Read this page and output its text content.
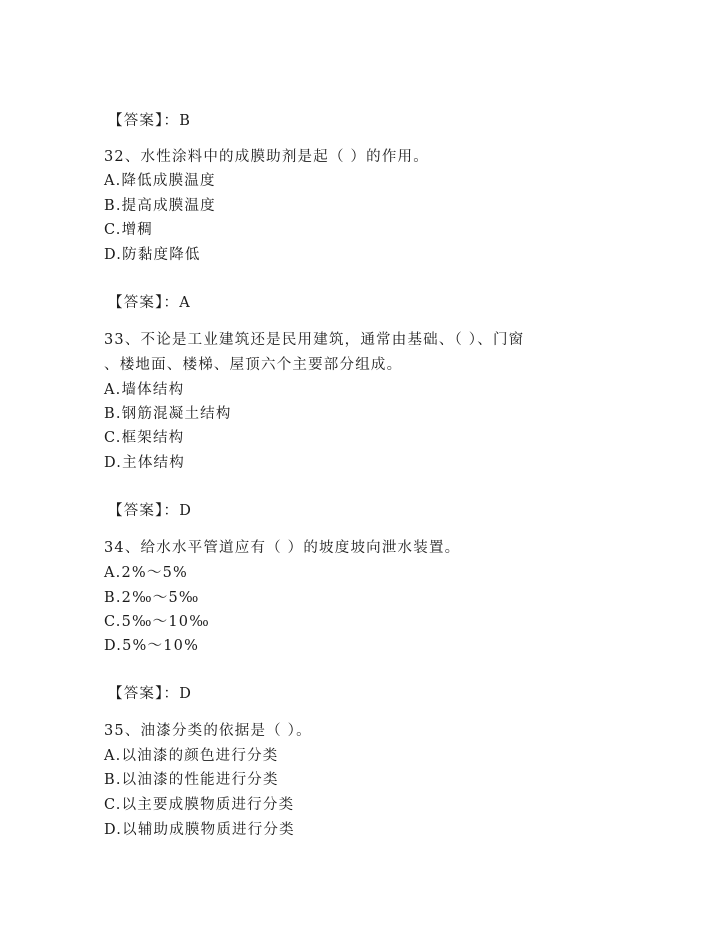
【答案】：B
32、水性涂料中的成膜助剂是起（ ）的作用。
A.降低成膜温度
B.提高成膜温度
C.增稠
D.防黏度降低
【答案】：A
33、不论是工业建筑还是民用建筑，通常由基础、（ ）、门窗
、楼地面、楼梯、屋顶六个主要部分组成。
A.墙体结构
B.钢筋混凝土结构
C.框架结构
D.主体结构
【答案】：D
34、给水水平管道应有（ ）的坡度坡向泄水装置。
A.2%～5%
B.2‰～5‰
C.5‰～10‰
D.5%～10%
【答案】：D
35、油漆分类的依据是（ ）。
A.以油漆的颜色进行分类
B.以油漆的性能进行分类
C.以主要成膜物质进行分类
D.以辅助成膜物质进行分类
